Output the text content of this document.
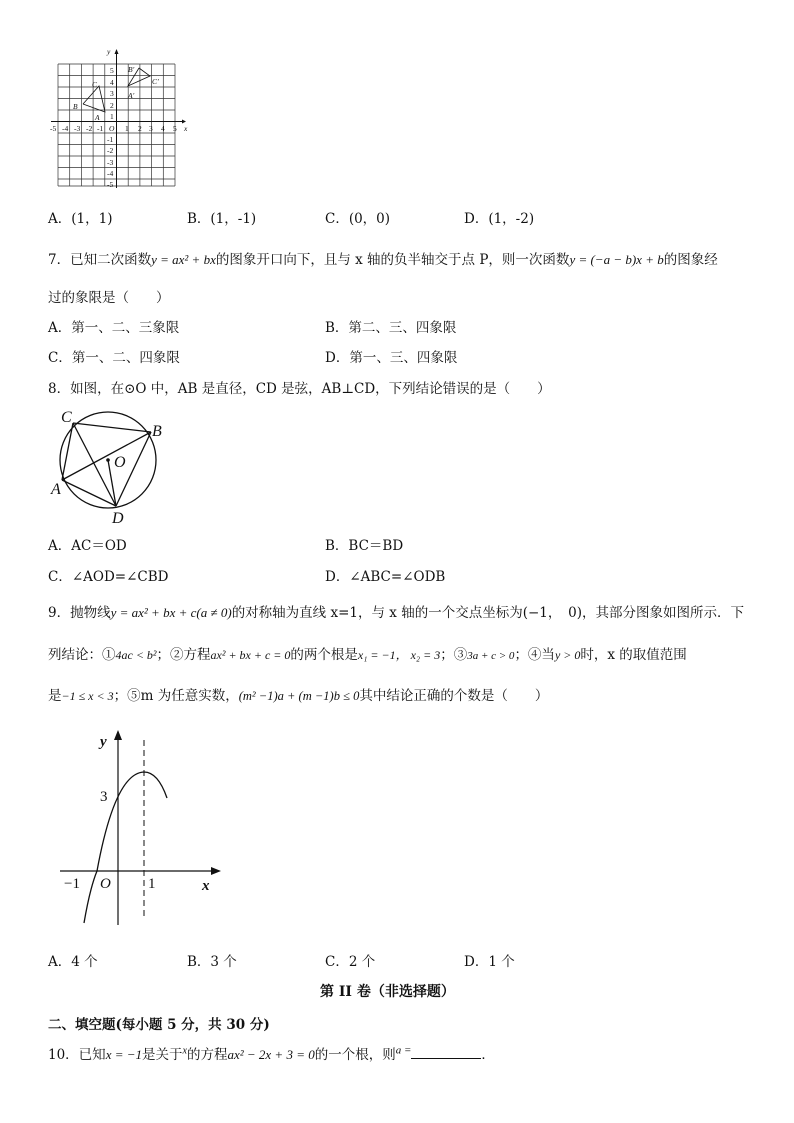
x
y
-5 -4 -3 -2 -1 O 1 2 3 4 5
5
4
3
2
1
-1
-2
-3
-4
-5
A
B
C
A'
B'
C'
A．(1，1)	B．(1，-1)	C．(0，0)	D．(1，-2)
7．已知二次函数y = ax² + bx的图象开口向下，且与 x 轴的负半轴交于点 P，则一次函数y = (−a − b)x + b的图象经
过的象限是（　　）
A．第一、二、三象限	B．第二、三、四象限
C．第一、二、四象限	D．第一、三、四象限
8．如图，在⊙O 中，AB 是直径，CD 是弦，AB⊥CD，下列结论错误的是（　　）
C
B
O
A
D
A．AC＝OD	B．BC＝BD
C．∠AOD=∠CBD	D．∠ABC=∠ODB
9．抛物线y = ax² + bx + c(a ≠ 0)的对称轴为直线 x=1，与 x 轴的一个交点坐标为(−1，　0)，其部分图象如图所示．下
列结论：①4ac < b²；②方程ax² + bx + c = 0的两个根是x₁ = −1， x₂ = 3；③3a + c > 0；④当y > 0时，x 的取值范围
是−1 ≤ x < 3；⑤m 为任意实数，(m² −1)a + (m −1)b ≤ 0其中结论正确的个数是（　　）
y
x
3
−1 O 1
A．4 个	B．3 个	C．2 个	D．1 个
第 II 卷（非选择题）
二、填空题(每小题 5 分，共 30 分)
10．已知x = −1是关于$^x$的方程ax² − 2x + 3 = 0的一个根，则$^{a =}$	．
